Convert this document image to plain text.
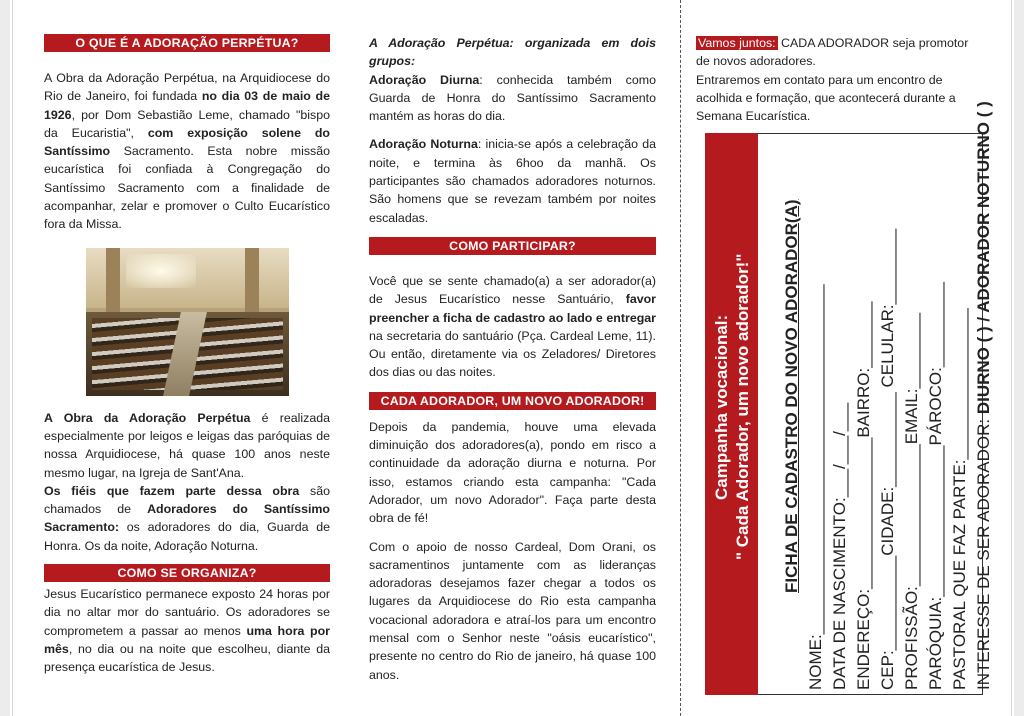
O QUE É A ADORAÇÃO PERPÉTUA?

A Obra da Adoração Perpétua, na Arquidiocese do Rio de Janeiro, foi fundada no dia 03 de maio de 1926, por Dom Sebastião Leme, chamado "bispo da Eucaristia", com exposição solene do Santíssimo Sacramento. Esta nobre missão eucarística foi confiada à Congregação do Santíssimo Sacramento com a finalidade de acompanhar, zelar e promover o Culto Eucarístico fora da Missa.

A Obra da Adoração Perpétua é realizada especialmente por leigos e leigas das paróquias de nossa Arquidiocese, há quase 100 anos neste mesmo lugar, na Igreja de Sant'Ana.

Os fiéis que fazem parte dessa obra são chamados de Adoradores do Santíssimo Sacramento: os adoradores do dia, Guarda de Honra. Os da noite, Adoração Noturna.

COMO SE ORGANIZA?

Jesus Eucarístico permanece exposto 24 horas por dia no altar mor do santuário. Os adoradores se comprometem a passar ao menos uma hora por mês, no dia ou na noite que escolheu, diante da presença eucarística de Jesus.

A Adoração Perpétua: organizada em dois grupos:
Adoração Diurna: conhecida também como Guarda de Honra do Santíssimo Sacramento mantém as horas do dia.

Adoração Noturna: inicia-se após a celebração da noite, e termina às 6hoo da manhã. Os participantes são chamados adoradores noturnos. São homens que se revezam também por noites escaladas.

COMO PARTICIPAR?

Você que se sente chamado(a) a ser adorador(a) de Jesus Eucarístico nesse Santuário, favor preencher a ficha de cadastro ao lado e entregar na secretaria do santuário (Pça. Cardeal Leme, 11). Ou então, diretamente via os Zeladores/ Diretores dos dias ou das noites.

CADA ADORADOR, UM NOVO ADORADOR!

Depois da pandemia, houve uma elevada diminuição dos adoradores(a), pondo em risco a continuidade da adoração diurna e noturna. Por isso, estamos criando esta campanha: "Cada Adorador, um novo Adorador". Faça parte desta obra de fé!

Com o apoio de nosso Cardeal, Dom Orani, os sacramentinos juntamente com as lideranças adoradoras desejamos fazer chegar a todos os lugares da Arquidiocese do Rio esta campanha vocacional adoradora e atraí-los para um encontro mensal com o Senhor neste "oásis eucarístico", presente no centro do Rio de janeiro, há quase 100 anos.

Vamos juntos: CADA ADORADOR seja promotor de novos adoradores.

Entraremos em contato para um encontro de acolhida e formação, que acontecerá durante a Semana Eucarística.

Campanha vocacional: " Cada Adorador, um novo adorador!" FICHA DE CADASTRO DO NOVO ADORADOR(A) NOME:_____________________________________ DATA DE NASCIMENTO:___/___/___ ENDEREÇO:________________BAIRRO:_______ CEP:__________CIDADE:__________ CELULAR:________ PROFISSÃO:_______________EMAIL:________ PARÓQUIA:________________PÁROCO:_________ PASTORAL QUE FAZ PARTE:________________ INTERESSE DE SER ADORADOR: DIURNO ( ) / ADORADOR NOTURNO ( )
